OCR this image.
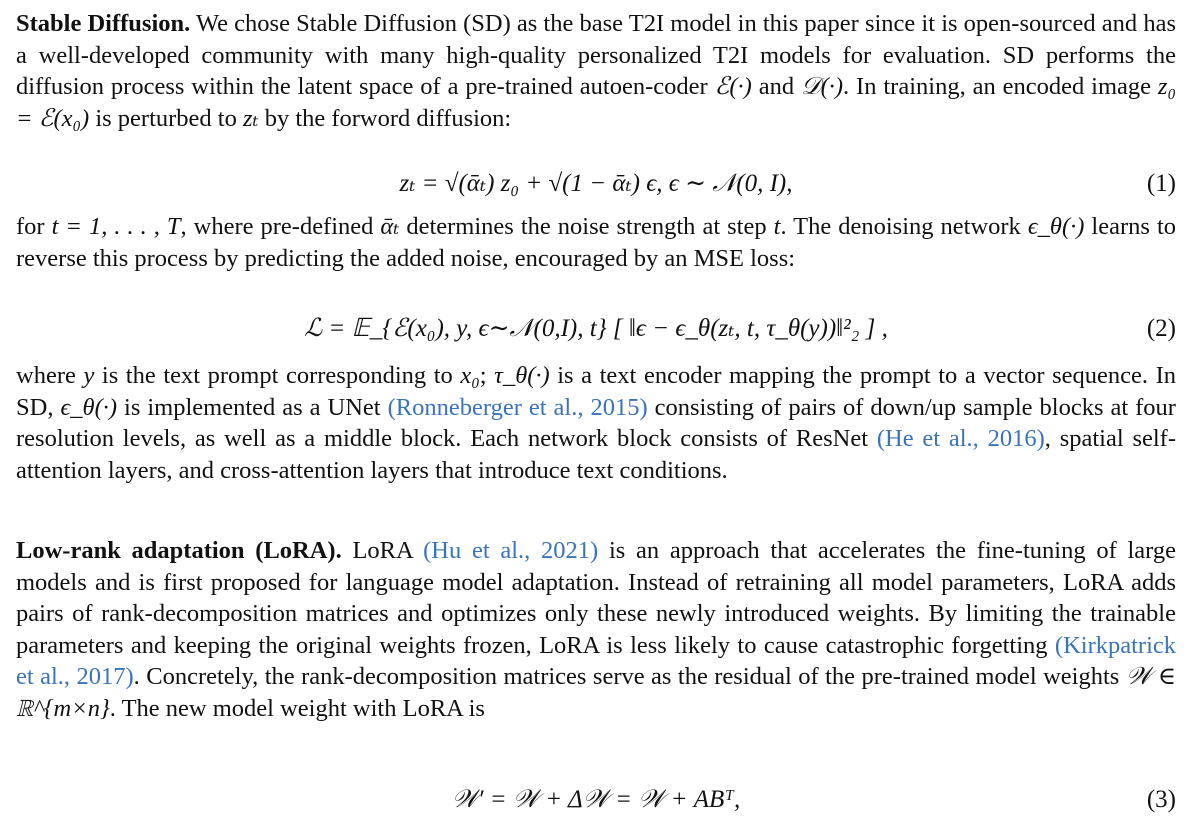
Stable Diffusion. We chose Stable Diffusion (SD) as the base T2I model in this paper since it is open-sourced and has a well-developed community with many high-quality personalized T2I models for evaluation. SD performs the diffusion process within the latent space of a pre-trained autoen-coder ℰ(·) and 𝒟(·). In training, an encoded image z₀ = ℰ(x₀) is perturbed to zₜ by the forword diffusion:
zₜ = √(ᾱₜ) z₀ + √(1 − ᾱₜ) ϵ, ϵ ∼ 𝒩(0, I),	(1)
for t = 1, . . . , T, where pre-defined ᾱₜ determines the noise strength at step t. The denoising network ϵ_θ(·) learns to reverse this process by predicting the added noise, encouraged by an MSE loss:
ℒ = 𝔼_{ℰ(x₀), y, ϵ∼𝒩(0,I), t} [ ‖ϵ − ϵ_θ(zₜ, t, τ_θ(y))‖²₂ ] ,	(2)
where y is the text prompt corresponding to x₀; τ_θ(·) is a text encoder mapping the prompt to a vector sequence. In SD, ϵ_θ(·) is implemented as a UNet (Ronneberger et al., 2015) consisting of pairs of down/up sample blocks at four resolution levels, as well as a middle block. Each network block consists of ResNet (He et al., 2016), spatial self-attention layers, and cross-attention layers that introduce text conditions.
Low-rank adaptation (LoRA). LoRA (Hu et al., 2021) is an approach that accelerates the fine-tuning of large models and is first proposed for language model adaptation. Instead of retraining all model parameters, LoRA adds pairs of rank-decomposition matrices and optimizes only these newly introduced weights. By limiting the trainable parameters and keeping the original weights frozen, LoRA is less likely to cause catastrophic forgetting (Kirkpatrick et al., 2017). Concretely, the rank-decomposition matrices serve as the residual of the pre-trained model weights 𝒲 ∈ ℝ^{m×n}. The new model weight with LoRA is
𝒲′ = 𝒲 + Δ𝒲 = 𝒲 + ABᵀ,	(3)
